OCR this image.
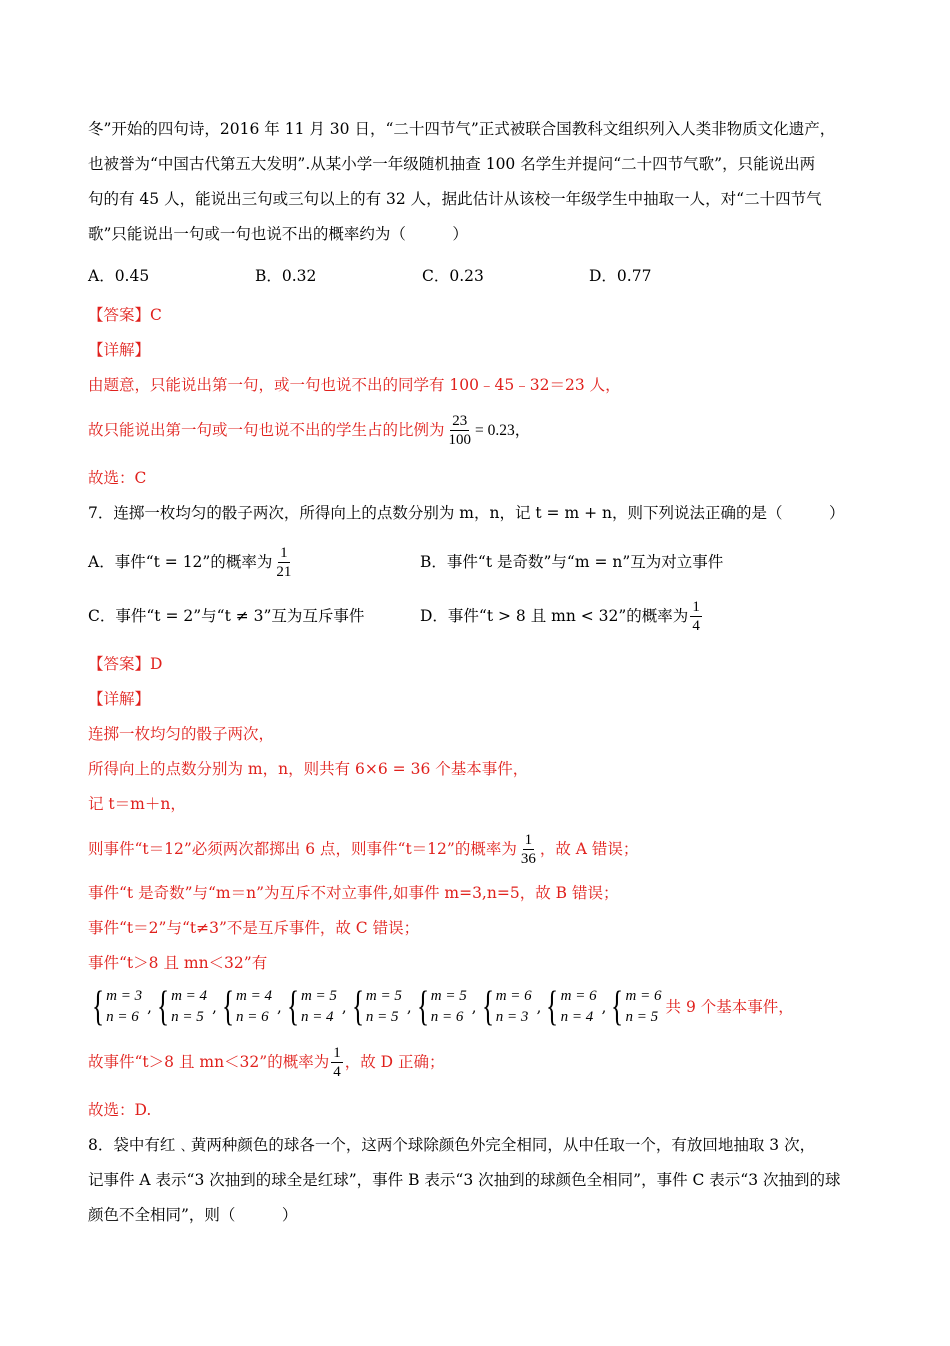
冬”开始的四句诗，2016 年 11 月 30 日，“二十四节气”正式被联合国教科文组织列入人类非物质文化遗产，
也被誉为“中国古代第五大发明”.从某小学一年级随机抽查 100 名学生并提问“二十四节气歌”，只能说出两
句的有 45 人，能说出三句或三句以上的有 32 人，据此估计从该校一年级学生中抽取一人，对“二十四节气
歌”只能说出一句或一句也说不出的概率约为（　　　）
A．0.45	B．0.32	C．0.23	D．0.77
【答案】C
【详解】
由题意，只能说出第一句，或一句也说不出的同学有 100﹣45﹣32＝23 人，
故只能说出第一句或一句也说不出的学生占的比例为 $\frac{23}{100} = 0.23$，
故选：C
7．连掷一枚均匀的骰子两次，所得向上的点数分别为 m，n，记 t = m + n，则下列说法正确的是（　　　）
A．事件“t = 12”的概率为 $\frac{1}{21}$	B．事件“t 是奇数”与“m = n”互为对立事件
C．事件“t = 2”与“t ≠ 3”互为互斥事件	D．事件“t > 8 且 mn < 32”的概率为 $\frac{1}{4}$
【答案】D
【详解】
连掷一枚均匀的骰子两次，
所得向上的点数分别为 m，n，则共有 6×6 = 36 个基本事件，
记 t＝m＋n，
则事件“t＝12”必须两次都掷出 6 点，则事件“t＝12”的概率为 $\frac{1}{36}$ ，故 A 错误；
事件“t 是奇数”与“m＝n”为互斥不对立事件,如事件 m=3,n=5，故 B 错误；
事件“t＝2”与“t≠3”不是互斥事件，故 C 错误；
事件“t＞8 且 mn＜32”有
{ m = 3
n = 6
, { m = 4
n = 5
, { m = 4
n = 6
, { m = 5
n = 4
, { m = 5
n = 5
, { m = 5
n = 6
, { m = 6
n = 3
, { m = 6
n = 4
, { m = 6
n = 5
共 9 个基本事件，
故事件“t＞8 且 mn＜32”的概率为 $\frac{1}{4}$ ，故 D 正确；
故选：D.
8．袋中有红﹑黄两种颜色的球各一个，这两个球除颜色外完全相同，从中任取一个，有放回地抽取 3 次，
记事件 A 表示“3 次抽到的球全是红球”，事件 B 表示“3 次抽到的球颜色全相同”，事件 C 表示“3 次抽到的球
颜色不全相同”，则（　　　）
